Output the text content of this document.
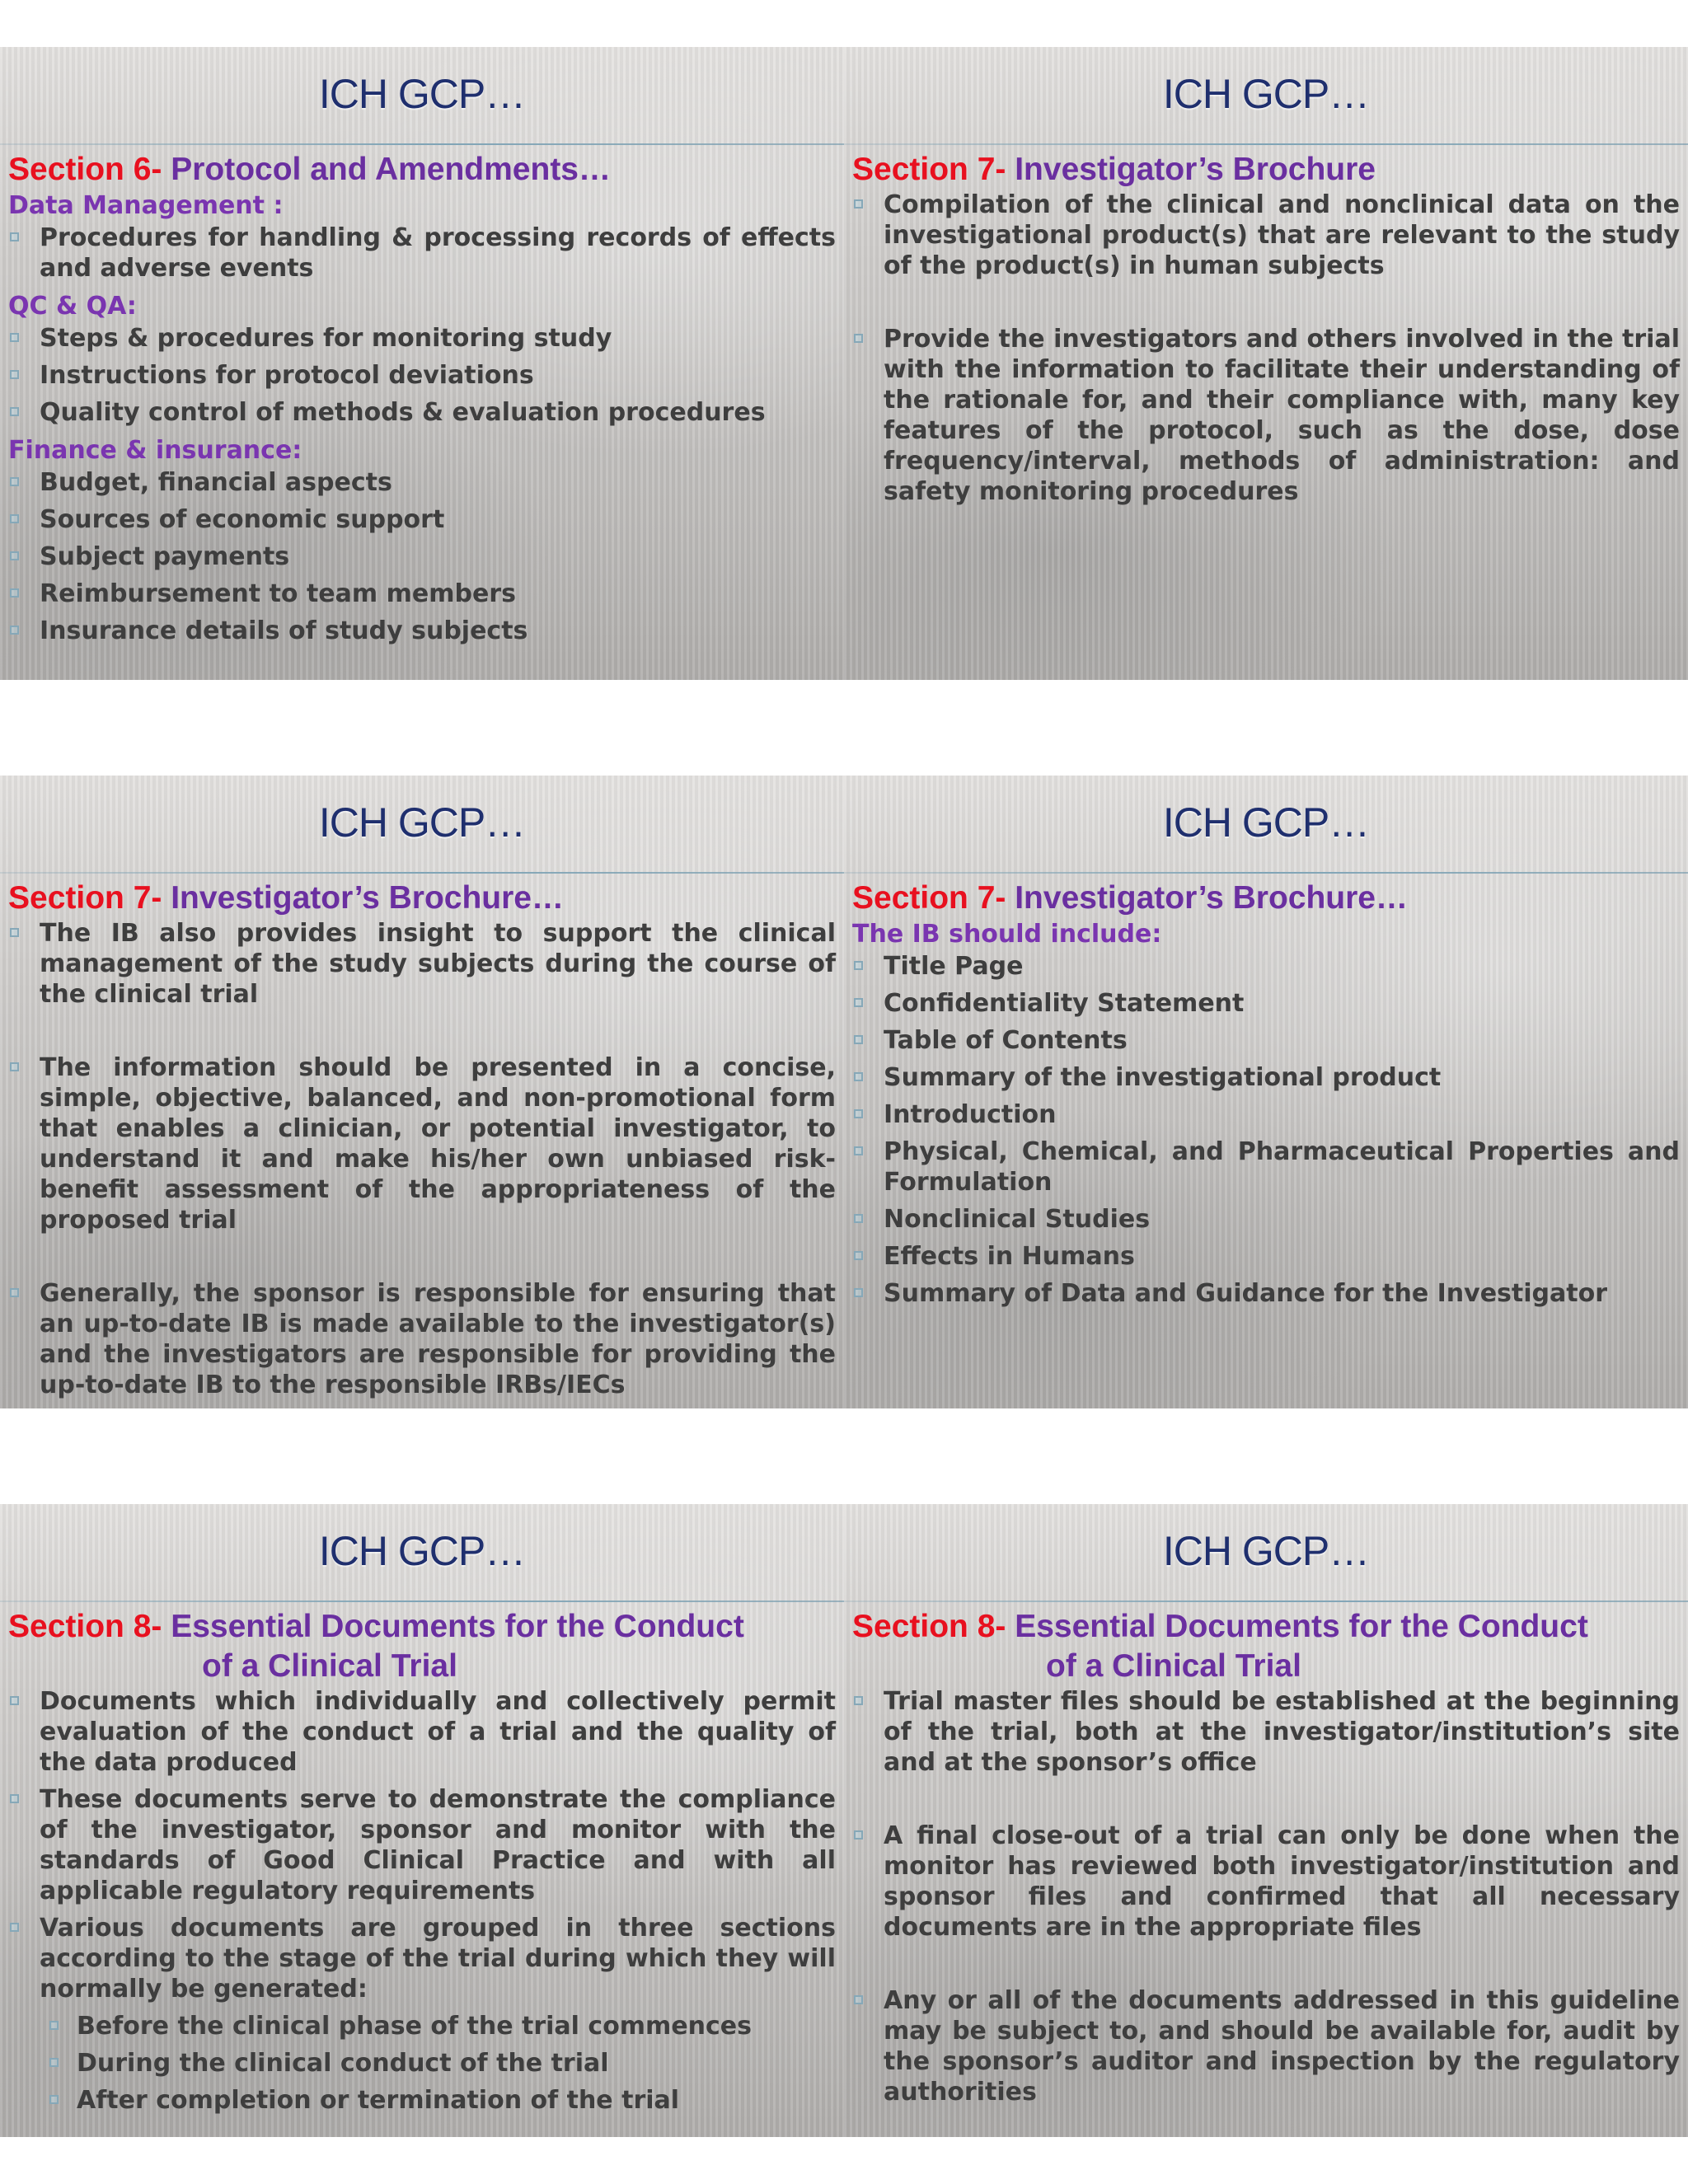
ICH GCP…
Section 6- Protocol and Amendments…
Data Management :
Procedures for handling & processing records of effects and adverse events
QC & QA:
Steps & procedures for monitoring study
Instructions for protocol deviations
Quality control of methods & evaluation procedures
Finance & insurance:
Budget, financial aspects
Sources of economic support
Subject payments
Reimbursement to team members
Insurance details of study subjects
ICH GCP…
Section 7- Investigator’s Brochure
Compilation of the clinical and nonclinical data on the investigational product(s) that are relevant to the study of the product(s) in human subjects
Provide the investigators and others involved in the trial with the information to facilitate their understanding of the rationale for, and their compliance with, many key features of the protocol, such as the dose, dose frequency/interval, methods of administration: and safety monitoring procedures
ICH GCP…
Section 7- Investigator’s Brochure…
The IB also provides insight to support the clinical management of the study subjects during the course of the clinical trial
The information should be presented in a concise, simple, objective, balanced, and non-promotional form that enables a clinician, or potential investigator, to understand it and make his/her own unbiased risk-benefit assessment of the appropriateness of the proposed trial
Generally, the sponsor is responsible for ensuring that an up-to-date IB is made available to the investigator(s) and the investigators are responsible for providing the up-to-date IB to the responsible IRBs/IECs
ICH GCP…
Section 7- Investigator’s Brochure…
The IB should include:
Title Page
Confidentiality Statement
Table of Contents
Summary of the investigational product
Introduction
Physical, Chemical, and Pharmaceutical Properties and Formulation
Nonclinical Studies
Effects in Humans
Summary of Data and Guidance for the Investigator
ICH GCP…
Section 8- Essential Documents for the Conduct
of a Clinical Trial
Documents which individually and collectively permit evaluation of the conduct of a trial and the quality of the data produced
These documents serve to demonstrate the compliance of the investigator, sponsor and monitor with the standards of Good Clinical Practice and with all applicable regulatory requirements
Various documents are grouped in three sections according to the stage of the trial during which they will normally be generated:
Before the clinical phase of the trial commences
During the clinical conduct of the trial
After completion or termination of the trial
ICH GCP…
Section 8- Essential Documents for the Conduct
of a Clinical Trial
Trial master files should be established at the beginning of the trial, both at the investigator/institution’s site and at the sponsor’s office
A final close-out of a trial can only be done when the monitor has reviewed both investigator/institution and sponsor files and confirmed that all necessary documents are in the appropriate files
Any or all of the documents addressed in this guideline may be subject to, and should be available for, audit by the sponsor’s auditor and inspection by the regulatory authorities
